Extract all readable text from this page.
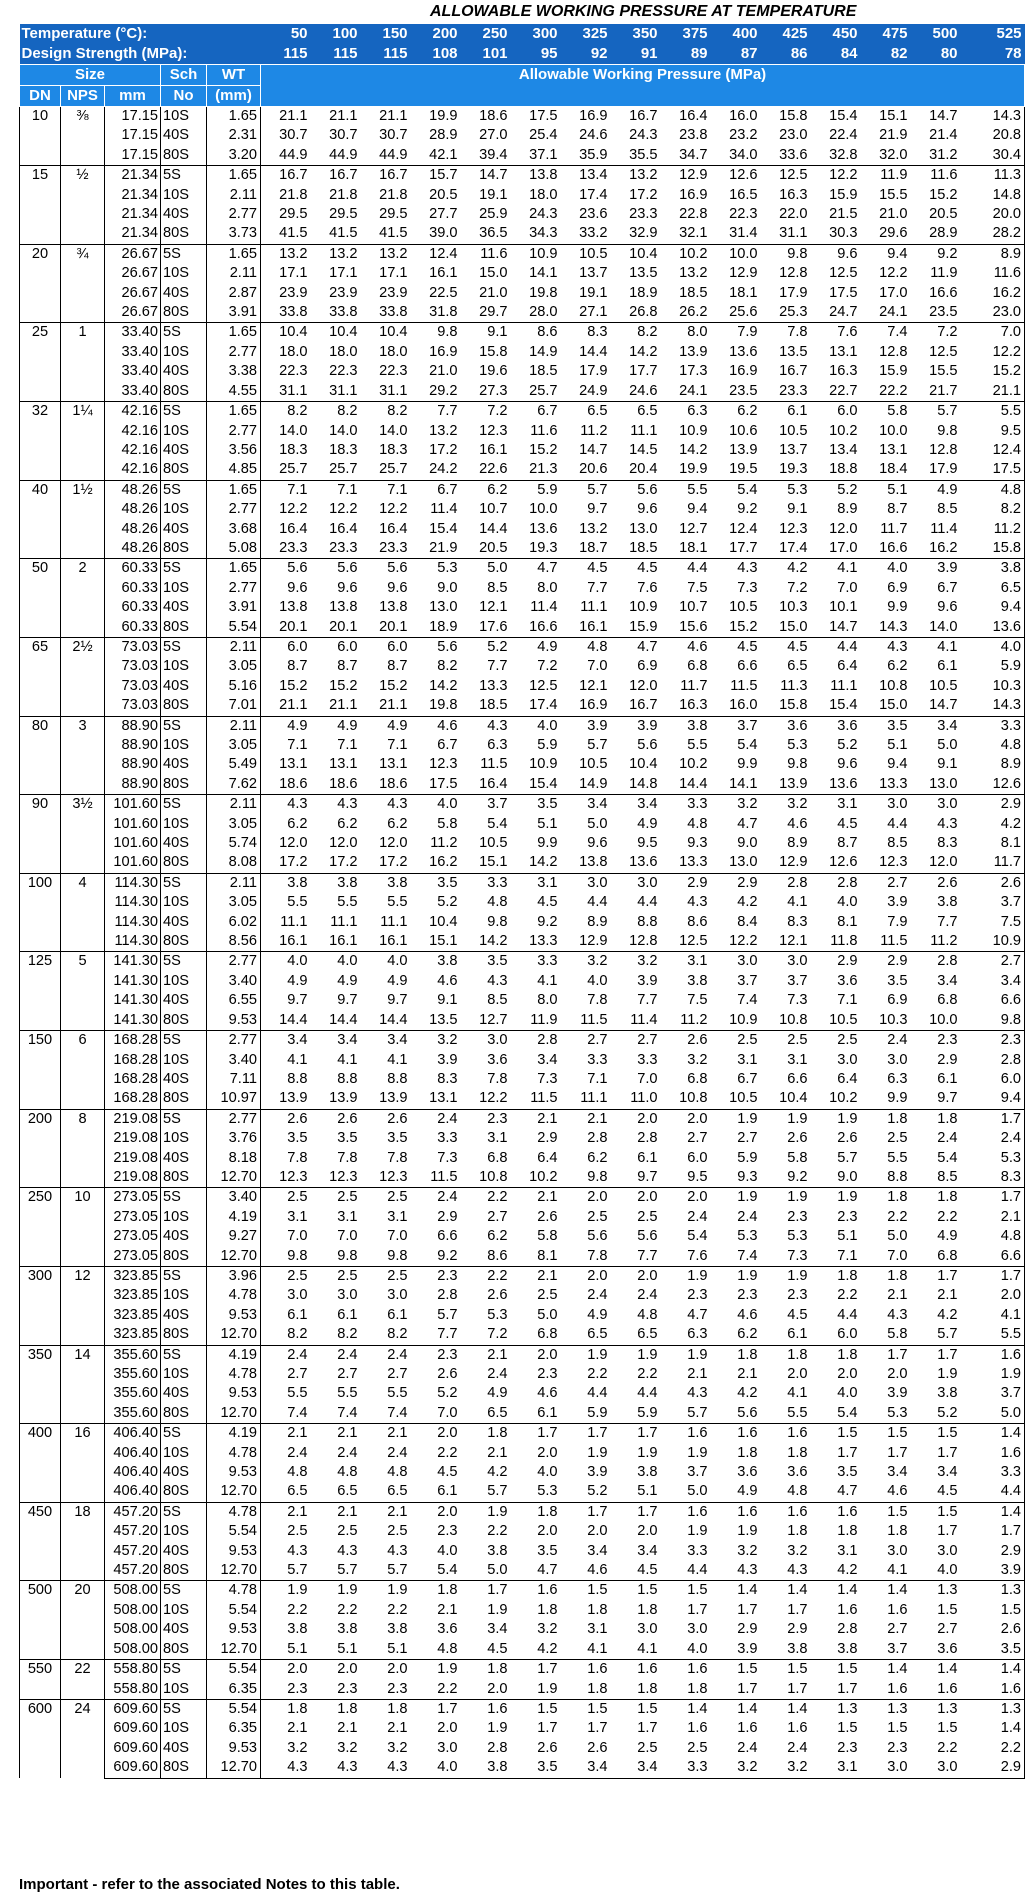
ALLOWABLE WORKING PRESSURE AT TEMPERATURE
Temperature (°C):					50	100	150	200	250	300	325	350	375	400	425	450	475	500	525
Design Strength (MPa):					115	115	115	108	101	95	92	91	89	87	86	84	82	80	78
Size			Sch	WT	Allowable Working Pressure (MPa)														
DN	NPS	mm	No	(mm)															
10	⅜	17.15	10S	1.65	21.1	21.1	21.1	19.9	18.6	17.5	16.9	16.7	16.4	16.0	15.8	15.4	15.1	14.7	14.3
		17.15	40S	2.31	30.7	30.7	30.7	28.9	27.0	25.4	24.6	24.3	23.8	23.2	23.0	22.4	21.9	21.4	20.8
		17.15	80S	3.20	44.9	44.9	44.9	42.1	39.4	37.1	35.9	35.5	34.7	34.0	33.6	32.8	32.0	31.2	30.4
15	½	21.34	5S	1.65	16.7	16.7	16.7	15.7	14.7	13.8	13.4	13.2	12.9	12.6	12.5	12.2	11.9	11.6	11.3
		21.34	10S	2.11	21.8	21.8	21.8	20.5	19.1	18.0	17.4	17.2	16.9	16.5	16.3	15.9	15.5	15.2	14.8
		21.34	40S	2.77	29.5	29.5	29.5	27.7	25.9	24.3	23.6	23.3	22.8	22.3	22.0	21.5	21.0	20.5	20.0
		21.34	80S	3.73	41.5	41.5	41.5	39.0	36.5	34.3	33.2	32.9	32.1	31.4	31.1	30.3	29.6	28.9	28.2
20	¾	26.67	5S	1.65	13.2	13.2	13.2	12.4	11.6	10.9	10.5	10.4	10.2	10.0	9.8	9.6	9.4	9.2	8.9
		26.67	10S	2.11	17.1	17.1	17.1	16.1	15.0	14.1	13.7	13.5	13.2	12.9	12.8	12.5	12.2	11.9	11.6
		26.67	40S	2.87	23.9	23.9	23.9	22.5	21.0	19.8	19.1	18.9	18.5	18.1	17.9	17.5	17.0	16.6	16.2
		26.67	80S	3.91	33.8	33.8	33.8	31.8	29.7	28.0	27.1	26.8	26.2	25.6	25.3	24.7	24.1	23.5	23.0
25	1	33.40	5S	1.65	10.4	10.4	10.4	9.8	9.1	8.6	8.3	8.2	8.0	7.9	7.8	7.6	7.4	7.2	7.0
		33.40	10S	2.77	18.0	18.0	18.0	16.9	15.8	14.9	14.4	14.2	13.9	13.6	13.5	13.1	12.8	12.5	12.2
		33.40	40S	3.38	22.3	22.3	22.3	21.0	19.6	18.5	17.9	17.7	17.3	16.9	16.7	16.3	15.9	15.5	15.2
		33.40	80S	4.55	31.1	31.1	31.1	29.2	27.3	25.7	24.9	24.6	24.1	23.5	23.3	22.7	22.2	21.7	21.1
32	1¼	42.16	5S	1.65	8.2	8.2	8.2	7.7	7.2	6.7	6.5	6.5	6.3	6.2	6.1	6.0	5.8	5.7	5.5
		42.16	10S	2.77	14.0	14.0	14.0	13.2	12.3	11.6	11.2	11.1	10.9	10.6	10.5	10.2	10.0	9.8	9.5
		42.16	40S	3.56	18.3	18.3	18.3	17.2	16.1	15.2	14.7	14.5	14.2	13.9	13.7	13.4	13.1	12.8	12.4
		42.16	80S	4.85	25.7	25.7	25.7	24.2	22.6	21.3	20.6	20.4	19.9	19.5	19.3	18.8	18.4	17.9	17.5
40	1½	48.26	5S	1.65	7.1	7.1	7.1	6.7	6.2	5.9	5.7	5.6	5.5	5.4	5.3	5.2	5.1	4.9	4.8
		48.26	10S	2.77	12.2	12.2	12.2	11.4	10.7	10.0	9.7	9.6	9.4	9.2	9.1	8.9	8.7	8.5	8.2
		48.26	40S	3.68	16.4	16.4	16.4	15.4	14.4	13.6	13.2	13.0	12.7	12.4	12.3	12.0	11.7	11.4	11.2
		48.26	80S	5.08	23.3	23.3	23.3	21.9	20.5	19.3	18.7	18.5	18.1	17.7	17.4	17.0	16.6	16.2	15.8
50	2	60.33	5S	1.65	5.6	5.6	5.6	5.3	5.0	4.7	4.5	4.5	4.4	4.3	4.2	4.1	4.0	3.9	3.8
		60.33	10S	2.77	9.6	9.6	9.6	9.0	8.5	8.0	7.7	7.6	7.5	7.3	7.2	7.0	6.9	6.7	6.5
		60.33	40S	3.91	13.8	13.8	13.8	13.0	12.1	11.4	11.1	10.9	10.7	10.5	10.3	10.1	9.9	9.6	9.4
		60.33	80S	5.54	20.1	20.1	20.1	18.9	17.6	16.6	16.1	15.9	15.6	15.2	15.0	14.7	14.3	14.0	13.6
65	2½	73.03	5S	2.11	6.0	6.0	6.0	5.6	5.2	4.9	4.8	4.7	4.6	4.5	4.5	4.4	4.3	4.1	4.0
		73.03	10S	3.05	8.7	8.7	8.7	8.2	7.7	7.2	7.0	6.9	6.8	6.6	6.5	6.4	6.2	6.1	5.9
		73.03	40S	5.16	15.2	15.2	15.2	14.2	13.3	12.5	12.1	12.0	11.7	11.5	11.3	11.1	10.8	10.5	10.3
		73.03	80S	7.01	21.1	21.1	21.1	19.8	18.5	17.4	16.9	16.7	16.3	16.0	15.8	15.4	15.0	14.7	14.3
80	3	88.90	5S	2.11	4.9	4.9	4.9	4.6	4.3	4.0	3.9	3.9	3.8	3.7	3.6	3.6	3.5	3.4	3.3
		88.90	10S	3.05	7.1	7.1	7.1	6.7	6.3	5.9	5.7	5.6	5.5	5.4	5.3	5.2	5.1	5.0	4.8
		88.90	40S	5.49	13.1	13.1	13.1	12.3	11.5	10.9	10.5	10.4	10.2	9.9	9.8	9.6	9.4	9.1	8.9
		88.90	80S	7.62	18.6	18.6	18.6	17.5	16.4	15.4	14.9	14.8	14.4	14.1	13.9	13.6	13.3	13.0	12.6
90	3½	101.60	5S	2.11	4.3	4.3	4.3	4.0	3.7	3.5	3.4	3.4	3.3	3.2	3.2	3.1	3.0	3.0	2.9
		101.60	10S	3.05	6.2	6.2	6.2	5.8	5.4	5.1	5.0	4.9	4.8	4.7	4.6	4.5	4.4	4.3	4.2
		101.60	40S	5.74	12.0	12.0	12.0	11.2	10.5	9.9	9.6	9.5	9.3	9.0	8.9	8.7	8.5	8.3	8.1
		101.60	80S	8.08	17.2	17.2	17.2	16.2	15.1	14.2	13.8	13.6	13.3	13.0	12.9	12.6	12.3	12.0	11.7
100	4	114.30	5S	2.11	3.8	3.8	3.8	3.5	3.3	3.1	3.0	3.0	2.9	2.9	2.8	2.8	2.7	2.6	2.6
		114.30	10S	3.05	5.5	5.5	5.5	5.2	4.8	4.5	4.4	4.4	4.3	4.2	4.1	4.0	3.9	3.8	3.7
		114.30	40S	6.02	11.1	11.1	11.1	10.4	9.8	9.2	8.9	8.8	8.6	8.4	8.3	8.1	7.9	7.7	7.5
		114.30	80S	8.56	16.1	16.1	16.1	15.1	14.2	13.3	12.9	12.8	12.5	12.2	12.1	11.8	11.5	11.2	10.9
125	5	141.30	5S	2.77	4.0	4.0	4.0	3.8	3.5	3.3	3.2	3.2	3.1	3.0	3.0	2.9	2.9	2.8	2.7
		141.30	10S	3.40	4.9	4.9	4.9	4.6	4.3	4.1	4.0	3.9	3.8	3.7	3.7	3.6	3.5	3.4	3.4
		141.30	40S	6.55	9.7	9.7	9.7	9.1	8.5	8.0	7.8	7.7	7.5	7.4	7.3	7.1	6.9	6.8	6.6
		141.30	80S	9.53	14.4	14.4	14.4	13.5	12.7	11.9	11.5	11.4	11.2	10.9	10.8	10.5	10.3	10.0	9.8
150	6	168.28	5S	2.77	3.4	3.4	3.4	3.2	3.0	2.8	2.7	2.7	2.6	2.5	2.5	2.5	2.4	2.3	2.3
		168.28	10S	3.40	4.1	4.1	4.1	3.9	3.6	3.4	3.3	3.3	3.2	3.1	3.1	3.0	3.0	2.9	2.8
		168.28	40S	7.11	8.8	8.8	8.8	8.3	7.8	7.3	7.1	7.0	6.8	6.7	6.6	6.4	6.3	6.1	6.0
		168.28	80S	10.97	13.9	13.9	13.9	13.1	12.2	11.5	11.1	11.0	10.8	10.5	10.4	10.2	9.9	9.7	9.4
200	8	219.08	5S	2.77	2.6	2.6	2.6	2.4	2.3	2.1	2.1	2.0	2.0	1.9	1.9	1.9	1.8	1.8	1.7
		219.08	10S	3.76	3.5	3.5	3.5	3.3	3.1	2.9	2.8	2.8	2.7	2.7	2.6	2.6	2.5	2.4	2.4
		219.08	40S	8.18	7.8	7.8	7.8	7.3	6.8	6.4	6.2	6.1	6.0	5.9	5.8	5.7	5.5	5.4	5.3
		219.08	80S	12.70	12.3	12.3	12.3	11.5	10.8	10.2	9.8	9.7	9.5	9.3	9.2	9.0	8.8	8.5	8.3
250	10	273.05	5S	3.40	2.5	2.5	2.5	2.4	2.2	2.1	2.0	2.0	2.0	1.9	1.9	1.9	1.8	1.8	1.7
		273.05	10S	4.19	3.1	3.1	3.1	2.9	2.7	2.6	2.5	2.5	2.4	2.4	2.3	2.3	2.2	2.2	2.1
		273.05	40S	9.27	7.0	7.0	7.0	6.6	6.2	5.8	5.6	5.6	5.4	5.3	5.3	5.1	5.0	4.9	4.8
		273.05	80S	12.70	9.8	9.8	9.8	9.2	8.6	8.1	7.8	7.7	7.6	7.4	7.3	7.1	7.0	6.8	6.6
300	12	323.85	5S	3.96	2.5	2.5	2.5	2.3	2.2	2.1	2.0	2.0	1.9	1.9	1.9	1.8	1.8	1.7	1.7
		323.85	10S	4.78	3.0	3.0	3.0	2.8	2.6	2.5	2.4	2.4	2.3	2.3	2.3	2.2	2.1	2.1	2.0
		323.85	40S	9.53	6.1	6.1	6.1	5.7	5.3	5.0	4.9	4.8	4.7	4.6	4.5	4.4	4.3	4.2	4.1
		323.85	80S	12.70	8.2	8.2	8.2	7.7	7.2	6.8	6.5	6.5	6.3	6.2	6.1	6.0	5.8	5.7	5.5
350	14	355.60	5S	4.19	2.4	2.4	2.4	2.3	2.1	2.0	1.9	1.9	1.9	1.8	1.8	1.8	1.7	1.7	1.6
		355.60	10S	4.78	2.7	2.7	2.7	2.6	2.4	2.3	2.2	2.2	2.1	2.1	2.0	2.0	2.0	1.9	1.9
		355.60	40S	9.53	5.5	5.5	5.5	5.2	4.9	4.6	4.4	4.4	4.3	4.2	4.1	4.0	3.9	3.8	3.7
		355.60	80S	12.70	7.4	7.4	7.4	7.0	6.5	6.1	5.9	5.9	5.7	5.6	5.5	5.4	5.3	5.2	5.0
400	16	406.40	5S	4.19	2.1	2.1	2.1	2.0	1.8	1.7	1.7	1.7	1.6	1.6	1.6	1.5	1.5	1.5	1.4
		406.40	10S	4.78	2.4	2.4	2.4	2.2	2.1	2.0	1.9	1.9	1.9	1.8	1.8	1.7	1.7	1.7	1.6
		406.40	40S	9.53	4.8	4.8	4.8	4.5	4.2	4.0	3.9	3.8	3.7	3.6	3.6	3.5	3.4	3.4	3.3
		406.40	80S	12.70	6.5	6.5	6.5	6.1	5.7	5.3	5.2	5.1	5.0	4.9	4.8	4.7	4.6	4.5	4.4
450	18	457.20	5S	4.78	2.1	2.1	2.1	2.0	1.9	1.8	1.7	1.7	1.6	1.6	1.6	1.6	1.5	1.5	1.4
		457.20	10S	5.54	2.5	2.5	2.5	2.3	2.2	2.0	2.0	2.0	1.9	1.9	1.8	1.8	1.8	1.7	1.7
		457.20	40S	9.53	4.3	4.3	4.3	4.0	3.8	3.5	3.4	3.4	3.3	3.2	3.2	3.1	3.0	3.0	2.9
		457.20	80S	12.70	5.7	5.7	5.7	5.4	5.0	4.7	4.6	4.5	4.4	4.3	4.3	4.2	4.1	4.0	3.9
500	20	508.00	5S	4.78	1.9	1.9	1.9	1.8	1.7	1.6	1.5	1.5	1.5	1.4	1.4	1.4	1.4	1.3	1.3
		508.00	10S	5.54	2.2	2.2	2.2	2.1	1.9	1.8	1.8	1.8	1.7	1.7	1.7	1.6	1.6	1.5	1.5
		508.00	40S	9.53	3.8	3.8	3.8	3.6	3.4	3.2	3.1	3.0	3.0	2.9	2.9	2.8	2.7	2.7	2.6
		508.00	80S	12.70	5.1	5.1	5.1	4.8	4.5	4.2	4.1	4.1	4.0	3.9	3.8	3.8	3.7	3.6	3.5
550	22	558.80	5S	5.54	2.0	2.0	2.0	1.9	1.8	1.7	1.6	1.6	1.6	1.5	1.5	1.5	1.4	1.4	1.4
		558.80	10S	6.35	2.3	2.3	2.3	2.2	2.0	1.9	1.8	1.8	1.8	1.7	1.7	1.7	1.6	1.6	1.6
600	24	609.60	5S	5.54	1.8	1.8	1.8	1.7	1.6	1.5	1.5	1.5	1.4	1.4	1.4	1.3	1.3	1.3	1.3
		609.60	10S	6.35	2.1	2.1	2.1	2.0	1.9	1.7	1.7	1.7	1.6	1.6	1.6	1.5	1.5	1.5	1.4
		609.60	40S	9.53	3.2	3.2	3.2	3.0	2.8	2.6	2.6	2.5	2.5	2.4	2.4	2.3	2.3	2.2	2.2
		609.60	80S	12.70	4.3	4.3	4.3	4.0	3.8	3.5	3.4	3.4	3.3	3.2	3.2	3.1	3.0	3.0	2.9
Important - refer to the associated Notes to this table.
